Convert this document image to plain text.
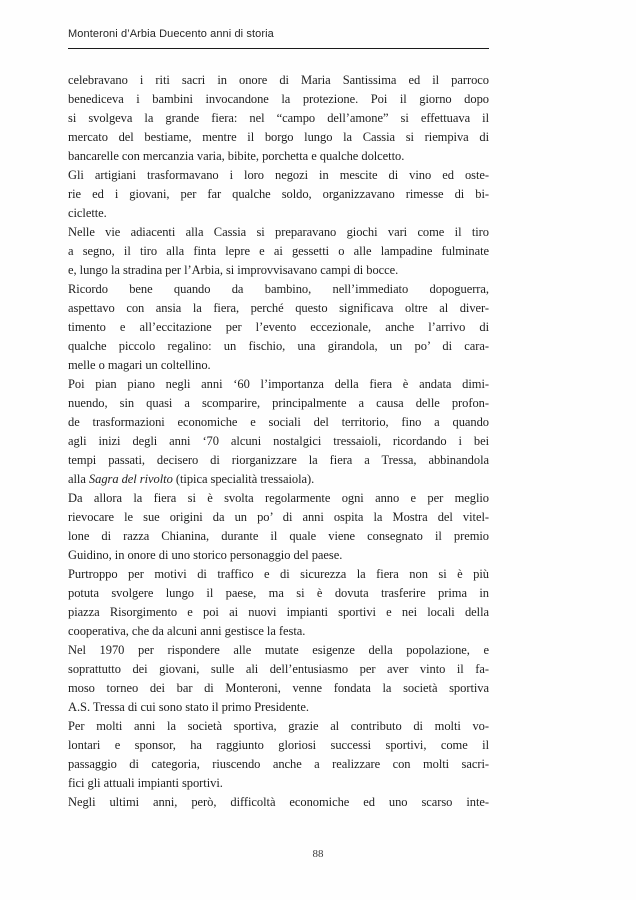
Monteroni d’Arbia Duecento anni di storia
celebravano i riti sacri in onore di Maria Santissima ed il parroco
benediceva i bambini invocandone la protezione. Poi il giorno dopo
si svolgeva la grande fiera: nel “campo dell’amone” si effettuava il
mercato del bestiame, mentre il borgo lungo la Cassia si riempiva di
bancarelle con mercanzia varia, bibite, porchetta e qualche dolcetto.
Gli artigiani trasformavano i loro negozi in mescite di vino ed oste-
rie ed i giovani, per far qualche soldo, organizzavano rimesse di bi-
ciclette.
Nelle vie adiacenti alla Cassia si preparavano giochi vari come il tiro
a segno, il tiro alla finta lepre e ai gessetti o alle lampadine fulminate
e, lungo la stradina per l’Arbia, si improvvisavano campi di bocce.
Ricordo bene quando da bambino, nell’immediato dopoguerra,
aspettavo con ansia la fiera, perché questo significava oltre al diver-
timento e all’eccitazione per l’evento eccezionale, anche l’arrivo di
qualche piccolo regalino: un fischio, una girandola, un po’ di cara-
melle o magari un coltellino.
Poi pian piano negli anni ‘60 l’importanza della fiera è andata dimi-
nuendo, sin quasi a scomparire, principalmente a causa delle profon-
de trasformazioni economiche e sociali del territorio, fino a quando
agli inizi degli anni ‘70 alcuni nostalgici tressaioli, ricordando i bei
tempi passati, decisero di riorganizzare la fiera a Tressa, abbinandola
alla Sagra del rivolto (tipica specialità tressaiola).
Da allora la fiera si è svolta regolarmente ogni anno e per meglio
rievocare le sue origini da un po’ di anni ospita la Mostra del vitel-
lone di razza Chianina, durante il quale viene consegnato il premio
Guidino, in onore di uno storico personaggio del paese.
Purtroppo per motivi di traffico e di sicurezza la fiera non si è più
potuta svolgere lungo il paese, ma si è dovuta trasferire prima in
piazza Risorgimento e poi ai nuovi impianti sportivi e nei locali della
cooperativa, che da alcuni anni gestisce la festa.
Nel 1970 per rispondere alle mutate esigenze della popolazione, e
soprattutto dei giovani, sulle ali dell’entusiasmo per aver vinto il fa-
moso torneo dei bar di Monteroni, venne fondata la società sportiva
A.S. Tressa di cui sono stato il primo Presidente.
Per molti anni la società sportiva, grazie al contributo di molti vo-
lontari e sponsor, ha raggiunto gloriosi successi sportivi, come il
passaggio di categoria, riuscendo anche a realizzare con molti sacri-
fici gli attuali impianti sportivi.
Negli ultimi anni, però, difficoltà economiche ed uno scarso inte-
88
